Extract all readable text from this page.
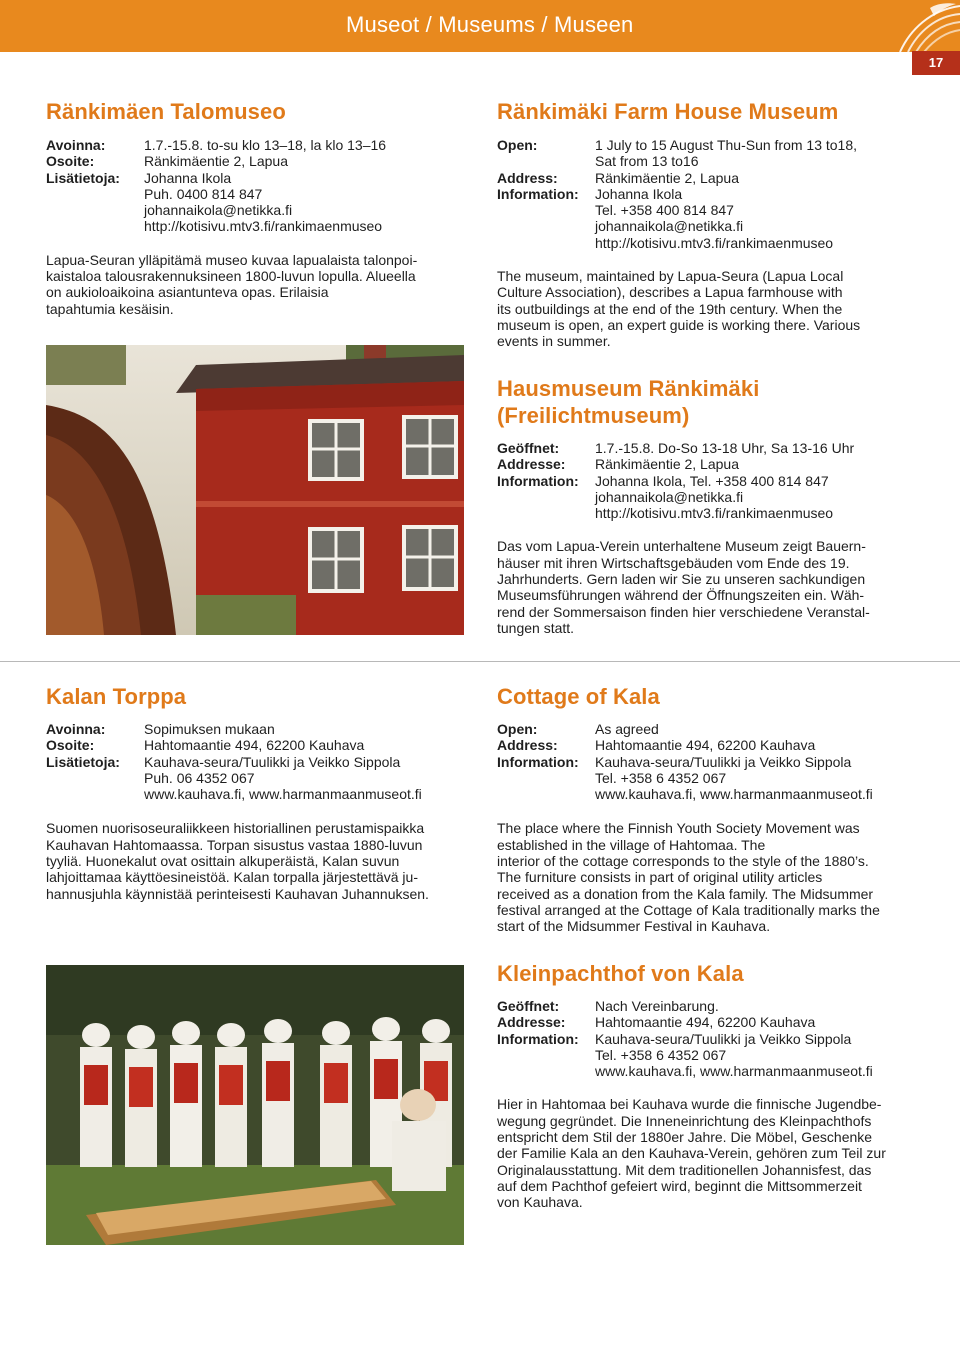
Museot / Museums / Museen
17
Ränkimäen Talomuseo
Avoinna:	1.7.-15.8. to-su klo 13–18, la klo 13–16
Osoite:	Ränkimäentie 2, Lapua
Lisätietoja:	Johanna Ikola
Puh. 0400 814 847
johannaikola@netikka.fi
http://kotisivu.mtv3.fi/rankimaenmuseo
Lapua-Seuran ylläpitämä museo kuvaa lapualaista talonpoi-
kaistaloa talousrakennuksineen 1800-luvun lopulla. Alueella
on aukioloaikoina asiantunteva opas. Erilaisia
tapahtumia kesäisin.
Ränkimäki Farm House Museum
Open:	1 July to 15 August Thu-Sun from 13 to18,
Sat from 13 to16
Address:	Ränkimäentie 2, Lapua
Information:	Johanna Ikola
Tel. +358 400 814 847
johannaikola@netikka.fi
http://kotisivu.mtv3.fi/rankimaenmuseo
The museum, maintained by Lapua-Seura (Lapua Local
Culture Association), describes a Lapua farmhouse with
its outbuildings at the end of the 19th century. When the
museum is open, an expert guide is working there. Various
events in summer.
Hausmuseum Ränkimäki
(Freilichtmuseum)
Geöffnet:	1.7.-15.8. Do-So 13-18 Uhr, Sa 13-16 Uhr
Addresse:	Ränkimäentie 2, Lapua
Information:	Johanna Ikola, Tel. +358 400 814 847
johannaikola@netikka.fi
http://kotisivu.mtv3.fi/rankimaenmuseo
Das vom Lapua-Verein unterhaltene Museum zeigt Bauern-
häuser mit ihren Wirtschaftsgebäuden vom Ende des 19.
Jahrhunderts. Gern laden wir Sie zu unseren sachkundigen
Museumsführungen während der Öffnungszeiten ein. Wäh-
rend der Sommersaison finden hier verschiedene Veranstal-
tungen statt.
Kalan Torppa
Avoinna:	Sopimuksen mukaan
Osoite:	Hahtomaantie 494, 62200 Kauhava
Lisätietoja:	Kauhava-seura/Tuulikki ja Veikko Sippola
Puh. 06 4352 067
www.kauhava.fi, www.harmanmaanmuseot.fi
Suomen nuorisoseuraliikkeen historiallinen perustamispaikka
Kauhavan Hahtomaassa. Torpan sisustus vastaa 1880-luvun
tyyliä. Huonekalut ovat osittain alkuperäistä, Kalan suvun
lahjoittamaa käyttöesineistöä. Kalan torpalla järjestettävä ju-
hannusjuhla käynnistää perinteisesti Kauhavan Juhannuksen.
Cottage of Kala
Open:	As agreed
Address:	Hahtomaantie 494, 62200 Kauhava
Information:	Kauhava-seura/Tuulikki ja Veikko Sippola
Tel. +358 6 4352 067
www.kauhava.fi, www.harmanmaanmuseot.fi
The place where the Finnish Youth Society Movement was
established in the village of Hahtomaa. The
interior of the cottage corresponds to the style of the 1880’s.
The furniture consists in part of original utility articles
received as a donation from the Kala family. The Midsummer
festival arranged at the Cottage of Kala traditionally marks the
start of the Midsummer Festival in Kauhava.
Kleinpachthof von Kala
Geöffnet:	Nach Vereinbarung.
Addresse:	Hahtomaantie 494, 62200 Kauhava
Information:	Kauhava-seura/Tuulikki ja Veikko Sippola
Tel. +358 6 4352 067
www.kauhava.fi, www.harmanmaanmuseot.fi
Hier in Hahtomaa bei Kauhava wurde die finnische Jugendbe-
wegung gegründet. Die Inneneinrichtung des Kleinpachthofs
entspricht dem Stil der 1880er Jahre. Die Möbel, Geschenke
der Familie Kala an den Kauhava-Verein, gehören zum Teil zur
Originalausstattung. Mit dem traditionellen Johannisfest, das
auf dem Pachthof gefeiert wird, beginnt die Mittsommerzeit
von Kauhava.
